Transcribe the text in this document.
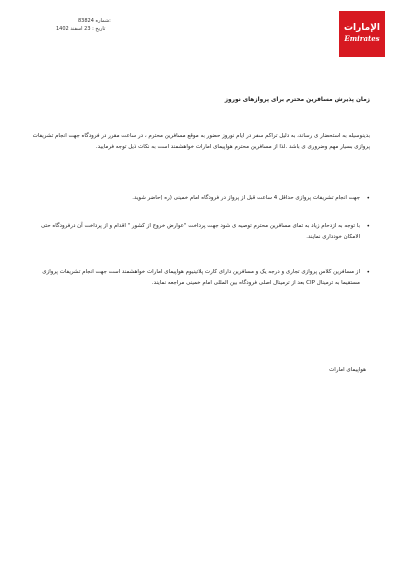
83824 شماره:
تاریخ : 23 اسفند 1402	الإمارات
Emirates

زمان پذیرش مسافرین محترم برای پروازهای نوروز

بدینوسیله به استحضار ی رساند، به دلیل تراکم سفر در ایام نوروز حضور به موقع مسافرین محترم ، در ساعت مقرر در فرودگاه جهت انجام تشریفات پروازی بسیار مهم وضروری ی باشد .لذا از مسافرین محترم هواپیمای امارات خواهشمند است به نکات ذیل توجه فرمایید.

• جهت انجام تشریفات پروازی حداقل 4 ساعت قبل از پرواز در فرودگاه امام خمینی (ره )حاضر شوید.
• با توجه به ازدحام زیاد به تمای مسافرین محترم توصیه ی شود جهت پرداخت "عوارض خروج از کشور " اقدام و از پرداخت آن درفرودگاه حتی الامکان خودداری نمایند.
• از مسافرین کلاس پروازی تجاری و درجه یک و مسافرین دارای کارت پلاتینیوم هواپیمای امارات خواهشمند است جهت انجام تشریفات پروازی مستقیما به ترمینال CIP بعد از ترمینال اصلی فرودگاه بین المللی امام خمینی مراجعه نمایند.
هواپیمای امارات
